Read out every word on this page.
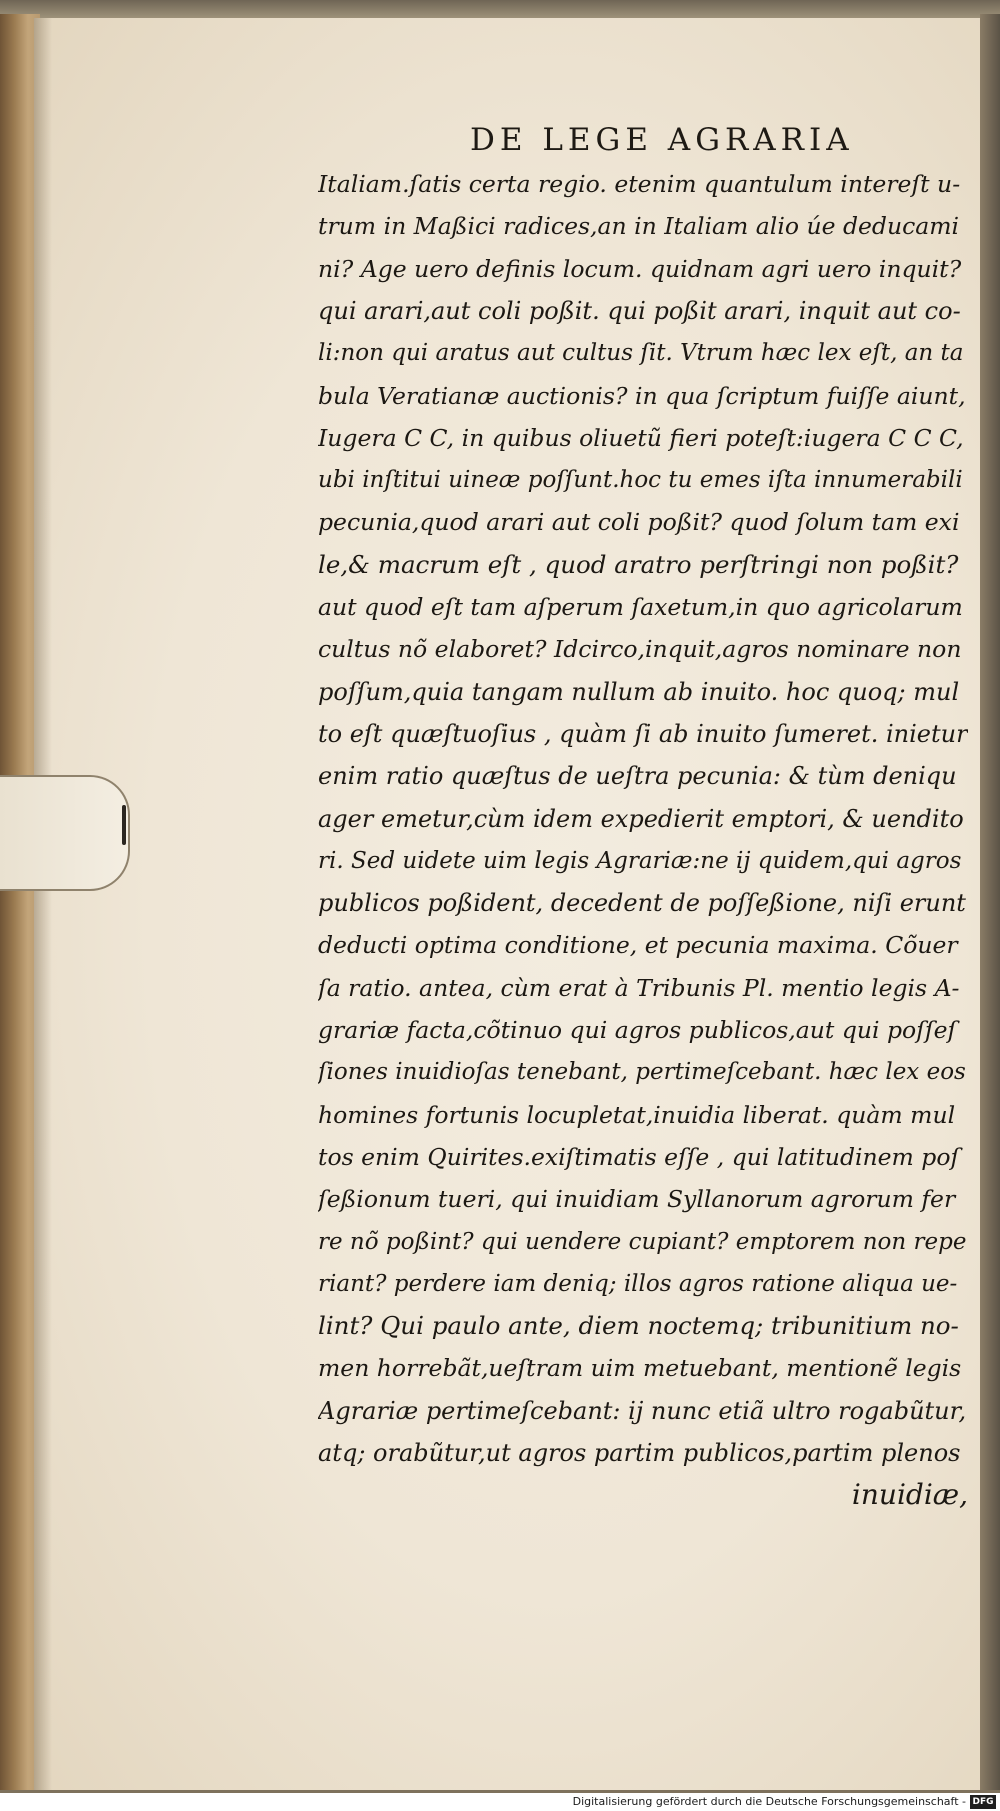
DE LEGE AGRARIA
Italiam.ſatis certa regio. etenim quantulum intereſt u-
trum in Maßici radices,an in Italiam alio úe deducami
ni? Age uero definis locum. quidnam agri uero inquit?
qui arari,aut coli poßit. qui poßit arari, inquit aut co-
li:non qui aratus aut cultus ſit. Vtrum hæc lex eſt, an ta
bula Veratianæ auctionis? in qua ſcriptum fuiſſe aiunt,
Iugera C C, in quibus oliuetũ fieri poteſt:iugera C C C,
ubi inſtitui uineæ poſſunt.hoc tu emes iſta innumerabili
pecunia,quod arari aut coli poßit? quod ſolum tam exi
le,& macrum eſt , quod aratro perſtringi non poßit?
aut quod eſt tam aſperum ſaxetum,in quo agricolarum
cultus nõ elaboret? Idcirco,inquit,agros nominare non
poſſum,quia tangam nullum ab inuito. hoc quoq; mul
to eſt quæſtuoſius , quàm ſi ab inuito ſumeret. inietur
enim ratio quæſtus de ueſtra pecunia: & tùm deniqu
ager emetur,cùm idem expedierit emptori, & uendito
ri. Sed uidete uim legis Agrariæ:ne ij quidem,qui agros
publicos poßident, decedent de poſſeßione, niſi erunt
deducti optima conditione, et pecunia maxima. Cõuer
ſa ratio. antea, cùm erat à Tribunis Pl. mentio legis A-
grariæ facta,cõtinuo qui agros publicos,aut qui poſſeſ
ſiones inuidioſas tenebant, pertimeſcebant. hæc lex eos
homines fortunis locupletat,inuidia liberat. quàm mul
tos enim Quirites.exiſtimatis eſſe , qui latitudinem poſ
ſeßionum tueri, qui inuidiam Syllanorum agrorum fer
re nõ poßint? qui uendere cupiant? emptorem non repe
riant? perdere iam deniq; illos agros ratione aliqua ue-
lint? Qui paulo ante, diem noctemq; tribunitium no-
men horrebãt,ueſtram uim metuebant, mentionẽ legis
Agrariæ pertimeſcebant: ij nunc etiã ultro rogabũtur,
atq; orabũtur,ut agros partim publicos,partim plenos
inuidiæ,
Digitalisierung gefördert durch die Deutsche Forschungsgemeinschaft - DFG
